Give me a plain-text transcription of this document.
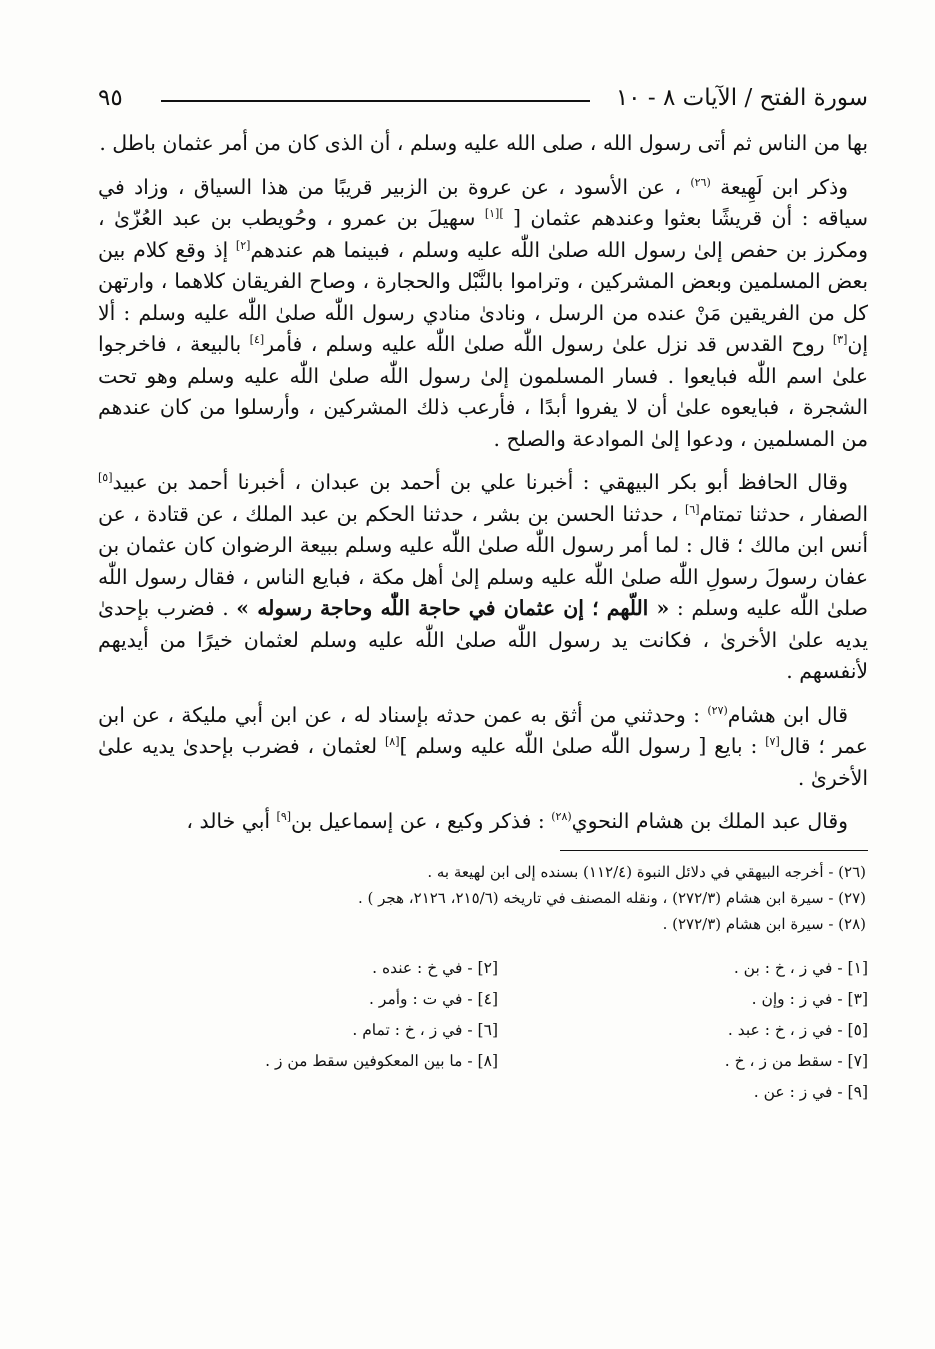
سورة الفتح / الآيات ٨ - ١٠
٩٥

بها من الناس ثم أتى رسول الله ، صلى الله عليه وسلم ، أن الذى كان من أمر عثمان باطل .

وذكر ابن لَهِيعة $^{(٢٦)}$ ، عن الأسود ، عن عروة بن الزبير قريبًا من هذا السياق ، وزاد في سياقه : أن قريشًا بعثوا وعندهم عثمان [ $^{][١]}$ سهيلَ بن عمرو ، وحُويطب بن عبد العُزّىٰ ، ومكرز بن حفص إلىٰ رسول الله صلىٰ اللّٰه عليه وسلم ، فبينما هم عندهم[٢] إذ وقع كلام بين بعض المسلمين وبعض المشركين ، وتراموا بالنَّبْل والحجارة ، وصاح الفريقان كلاهما ، وارتهن كل من الفريقين مَنْ عنده من الرسل ، ونادىٰ منادي رسول اللّٰه صلىٰ اللّٰه عليه وسلم : ألا إن[٣] روح القدس قد نزل علىٰ رسول اللّٰه صلىٰ اللّٰه عليه وسلم ، فأمر[٤] بالبيعة ، فاخرجوا علىٰ اسم اللّٰه فبايعوا . فسار المسلمون إلىٰ رسول اللّٰه صلىٰ اللّٰه عليه وسلم وهو تحت الشجرة ، فبايعوه علىٰ أن لا يفروا أبدًا ، فأرعب ذلك المشركين ، وأرسلوا من كان عندهم من المسلمين ، ودعوا إلىٰ الموادعة والصلح .

وقال الحافظ أبو بكر البيهقي : أخبرنا علي بن أحمد بن عبدان ، أخبرنا أحمد بن عبيد[٥] الصفار ، حدثنا تمتام[٦] ، حدثنا الحسن بن بشر ، حدثنا الحكم بن عبد الملك ، عن قتادة ، عن أنس ابن مالك ؛ قال : لما أمر رسول اللّٰه صلىٰ اللّٰه عليه وسلم ببيعة الرضوان كان عثمان بن عفان رسولَ رسولِ اللّٰه صلىٰ اللّٰه عليه وسلم إلىٰ أهل مكة ، فبايع الناس ، فقال رسول اللّٰه صلىٰ اللّٰه عليه وسلم : « اللّهم ؛ إن عثمان في حاجة اللّٰه وحاجة رسوله » . فضرب بإحدىٰ يديه علىٰ الأخرىٰ ، فكانت يد رسول اللّٰه صلىٰ اللّٰه عليه وسلم لعثمان خيرًا من أيديهم لأنفسهم .

قال ابن هشام$^{(٢٧)}$ : وحدثني من أثق به عمن حدثه بإسناد له ، عن ابن أبي مليكة ، عن ابن عمر ؛ قال[٧] : بايع [ رسول اللّٰه صلىٰ اللّٰه عليه وسلم ][٨] لعثمان ، فضرب بإحدىٰ يديه علىٰ الأخرىٰ .

وقال عبد الملك بن هشام النحوي$^{(٢٨)}$ : فذكر وكيع ، عن إسماعيل بن[٩] أبي خالد ،

(٢٦) - أخرجه البيهقي في دلائل النبوة (١١٢/٤) بسنده إلى ابن لهيعة به .
(٢٧) - سيرة ابن هشام (٢٧٢/٣) ، ونقله المصنف في تاريخه (٢١٥/٦، ٢١٢٦، هجر ) .
(٢٨) - سيرة ابن هشام (٢٧٢/٣) .
[١] - في ز ، خ : بن .
[٢] - في خ : عنده .
[٣] - في ز : وإن .
[٤] - في ت : وأمر .
[٥] - في ز ، خ : عبد .
[٦] - في ز ، خ : تمام .
[٧] - سقط من ز ، خ .
[٨] - ما بين المعكوفين سقط من ز .
[٩] - في ز : عن .
